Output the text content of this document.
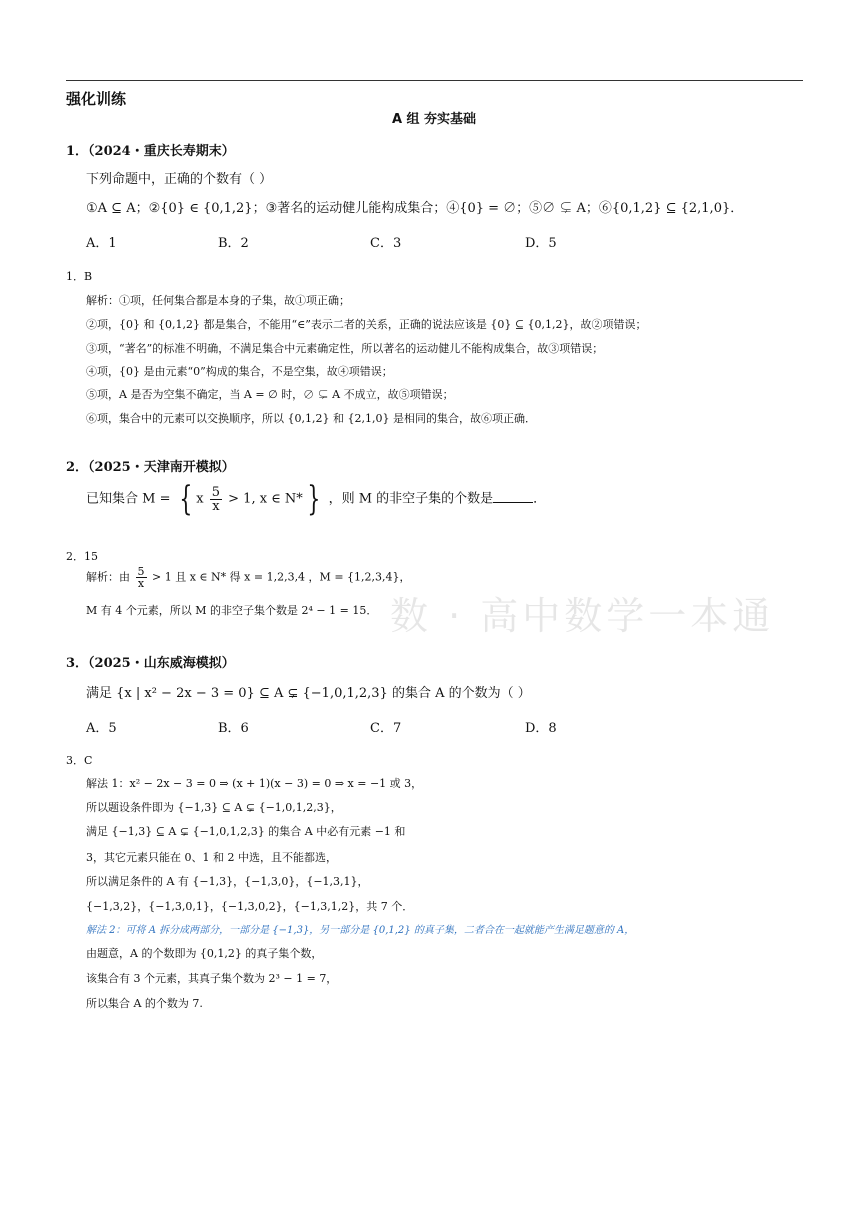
数 · 高中数学一本通
强化训练
A 组 夯实基础
1．（2024・重庆长寿期末）
下列命题中，正确的个数有（ ）
①A ⊆ A；②{0} ∈ {0,1,2}；③著名的运动健儿能构成集合；④{0} = ∅；⑤∅ ⊊ A；⑥{0,1,2} ⊆ {2,1,0}．
A．1	B．2	C．3	D．5
1．B
解析：①项，任何集合都是本身的子集，故①项正确；
②项，{0} 和 {0,1,2} 都是集合，不能用“∈”表示二者的关系，正确的说法应该是 {0} ⊆ {0,1,2}，故②项错误；
③项，“著名”的标准不明确，不满足集合中元素确定性，所以著名的运动健儿不能构成集合，故③项错误；
④项，{0} 是由元素“0”构成的集合，不是空集，故④项错误；
⑤项，A 是否为空集不确定，当 A = ∅ 时，∅ ⊊ A 不成立，故⑤项错误；
⑥项，集合中的元素可以交换顺序，所以 {0,1,2} 和 {2,1,0} 是相同的集合，故⑥项正确．
2．（2025・天津南开模拟）
已知集合 M = { x $\frac{5}{x} > 1$, x ∈ N* } ，则 M 的非空子集的个数是	．
2．15
解析：由 $\frac{5}{x} > 1$ 且 x ∈ N* 得 x = 1,2,3,4 ，M = {1,2,3,4}，
M 有 4 个元素，所以 M 的非空子集个数是 2⁴ − 1 = 15．
3．（2025・山东威海模拟）
满足 {x | x² − 2x − 3 = 0} ⊆ A ⊊ {−1,0,1,2,3} 的集合 A 的个数为（ ）
A．5	B．6	C．7	D．8
3．C
解法 1：x² − 2x − 3 = 0 ⇒ (x + 1)(x − 3) = 0 ⇒ x = −1 或 3，
所以题设条件即为 {−1,3} ⊆ A ⊊ {−1,0,1,2,3}，
满足 {−1,3} ⊆ A ⊊ {−1,0,1,2,3} 的集合 A 中必有元素 −1 和
3，其它元素只能在 0、1 和 2 中选，且不能都选，
所以满足条件的 A 有 {−1,3}，{−1,3,0}，{−1,3,1}，
{−1,3,2}，{−1,3,0,1}，{−1,3,0,2}，{−1,3,1,2}，共 7 个．
解法 2：可将 A 拆分成两部分，一部分是 {−1,3}，另一部分是 {0,1,2} 的真子集，二者合在一起就能产生满足题意的 A，
由题意，A 的个数即为 {0,1,2} 的真子集个数，
该集合有 3 个元素，其真子集个数为 2³ − 1 = 7，
所以集合 A 的个数为 7.
